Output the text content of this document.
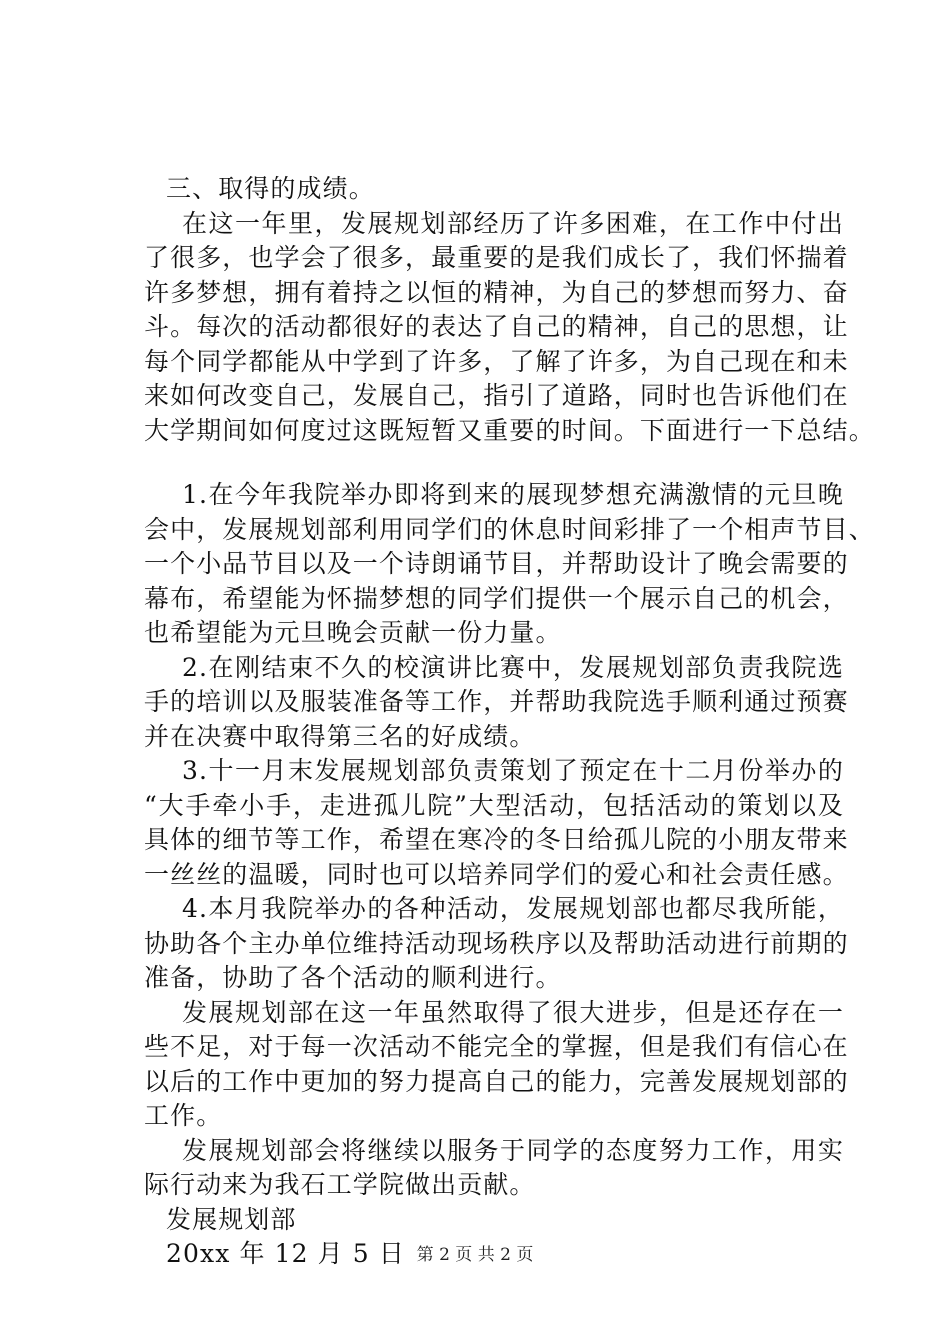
三、取得的成绩。
在这一年里，发展规划部经历了许多困难，在工作中付出
了很多，也学会了很多，最重要的是我们成长了，我们怀揣着
许多梦想，拥有着持之以恒的精神，为自己的梦想而努力、奋
斗。每次的活动都很好的表达了自己的精神，自己的思想，让
每个同学都能从中学到了许多，了解了许多，为自己现在和未
来如何改变自己，发展自己，指引了道路，同时也告诉他们在
大学期间如何度过这既短暂又重要的时间。下面进行一下总结。
1.在今年我院举办即将到来的展现梦想充满激情的元旦晚
会中，发展规划部利用同学们的休息时间彩排了一个相声节目、
一个小品节目以及一个诗朗诵节目，并帮助设计了晚会需要的
幕布，希望能为怀揣梦想的同学们提供一个展示自己的机会，
也希望能为元旦晚会贡献一份力量。
2.在刚结束不久的校演讲比赛中，发展规划部负责我院选
手的培训以及服装准备等工作，并帮助我院选手顺利通过预赛
并在决赛中取得第三名的好成绩。
3.十一月末发展规划部负责策划了预定在十二月份举办的
“大手牵小手，走进孤儿院”大型活动，包括活动的策划以及
具体的细节等工作，希望在寒冷的冬日给孤儿院的小朋友带来
一丝丝的温暖，同时也可以培养同学们的爱心和社会责任感。
4.本月我院举办的各种活动，发展规划部也都尽我所能，
协助各个主办单位维持活动现场秩序以及帮助活动进行前期的
准备，协助了各个活动的顺利进行。
发展规划部在这一年虽然取得了很大进步，但是还存在一
些不足，对于每一次活动不能完全的掌握，但是我们有信心在
以后的工作中更加的努力提高自己的能力，完善发展规划部的
工作。
发展规划部会将继续以服务于同学的态度努力工作，用实
际行动来为我石工学院做出贡献。
发展规划部
20xx 年 12 月 5 日 第 2 页 共 2 页
